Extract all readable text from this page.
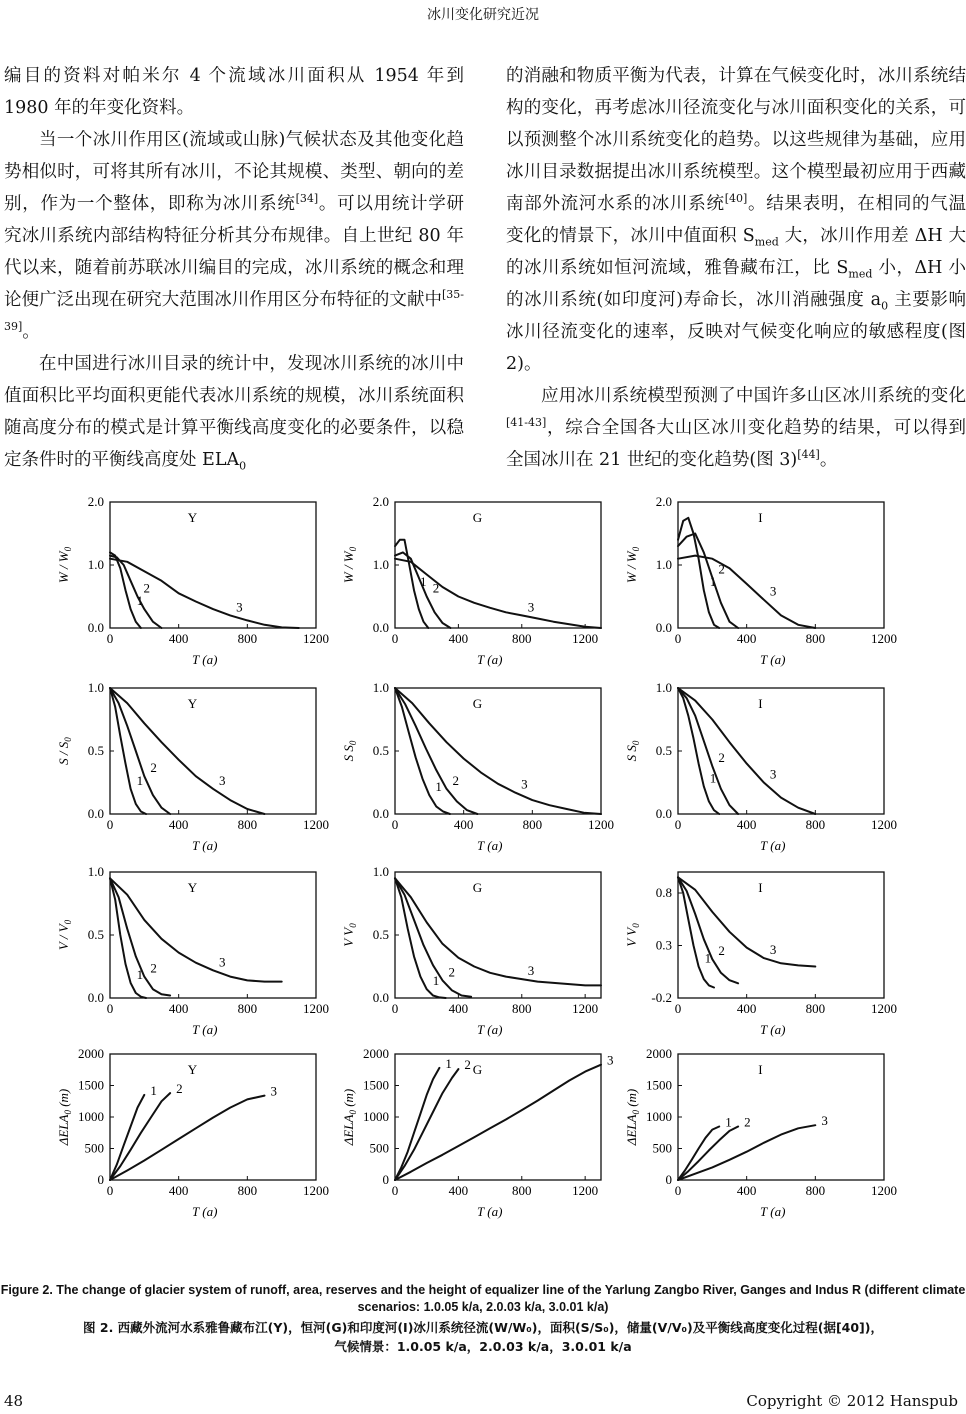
冰川变化研究近况

编目的资料对帕米尔 4 个流域冰川面积从 1954 年到 1980 年的年变化资料。

当一个冰川作用区(流域或山脉)气候状态及其他变化趋势相似时，可将其所有冰川，不论其规模、类型、朝向的差别，作为一个整体，即称为冰川系统[34]。可以用统计学研究冰川系统内部结构特征分析其分布规律。自上世纪 80 年代以来，随着前苏联冰川编目的完成，冰川系统的概念和理论便广泛出现在研究大范围冰川作用区分布特征的文献中[35-39]。

在中国进行冰川目录的统计中，发现冰川系统的冰川中值面积比平均面积更能代表冰川系统的规模，冰川系统面积随高度分布的模式是计算平衡线高度变化的必要条件，以稳定条件时的平衡线高度处 $ELA_0$

的消融和物质平衡为代表，计算在气候变化时，冰川系统结构的变化，再考虑冰川径流变化与冰川面积变化的关系，可以预测整个冰川系统变化的趋势。以这些规律为基础，应用冰川目录数据提出冰川系统模型。这个模型最初应用于西藏南部外流河水系的冰川系统[40]。结果表明，在相同的气温变化的情景下，冰川中值面积 $S_{med}$ 大，冰川作用差 ΔH 大的冰川系统如恒河流域，雅鲁藏布江，比 $S_{med}$ 小，ΔH 小的冰川系统(如印度河)寿命长，冰川消融强度 $a_0$ 主要影响冰川径流变化的速率，反映对气候变化响应的敏感程度(图 2)。

应用冰川系统模型预测了中国许多山区冰川系统的变化[41-43]，综合全国各大山区冰川变化趋势的结果，可以得到全国冰川在 21 世纪的变化趋势(图 3)[44]。

0	400	800	1200
0.0
1.0
2.0
Y
T (a)
W / $W_0$
1
2
3
0	400	800	1200
0.0
1.0
2.0
G
T (a)
W / $W_0$
1 2
3
0	400	800	1200
0.0
1.0
2.0
I
T (a)
W / $W_0$
1
2
3
0	400	800	1200
0.0
0.5
1.0
Y
T (a)
S / $S_0$
1
2
3
0	400	800	1200
0.0
0.5
1.0
G
T (a)
S $S_0$
1 2	3
0	400	800	1200
0.0
0.5
1.0
I
T (a)
S $S_0$
1
2
3
0	400	800	1200
0.0
0.5
1.0
Y
T (a)
V / $V_0$
1 2	3
0	400	800	1200
0.0
0.5
1.0
G
T (a)
V $V_0$
1
2	3
0	400	800	1200
-0.2
0.3
0.8	I
T (a)
V $V_0$
1 2	3
0	400	800	1200
0
500
1000
1500
2000
Y
T (a)
$\Delta ELA_0$ (m)	1 2	3
0	400	800	1200
0
500
1000
1500
2000
G
T (a)
$\Delta ELA_0$ (m)
1 2	3
0	400	800	1200
0
500
1000
1500
2000
I
T (a)
$\Delta ELA_0$ (m)
1 2	3
Figure 2. The change of glacier system of runoff, area, reserves and the height of equalizer line of the Yarlung Zangbo River, Ganges and Indus R (different climate scenarios: 1.0.05 k/a, 2.0.03 k/a, 3.0.01 k/a)
图 2. 西藏外流河水系雅鲁藏布江(Y)，恒河(G)和印度河(I)冰川系统径流(W/W₀)，面积(S/S₀)，储量(V/V₀)及平衡线高度变化过程(据[40])，
气候情景：1.0.05 k/a，2.0.03 k/a，3.0.01 k/a
48	Copyright © 2012 Hanspub
